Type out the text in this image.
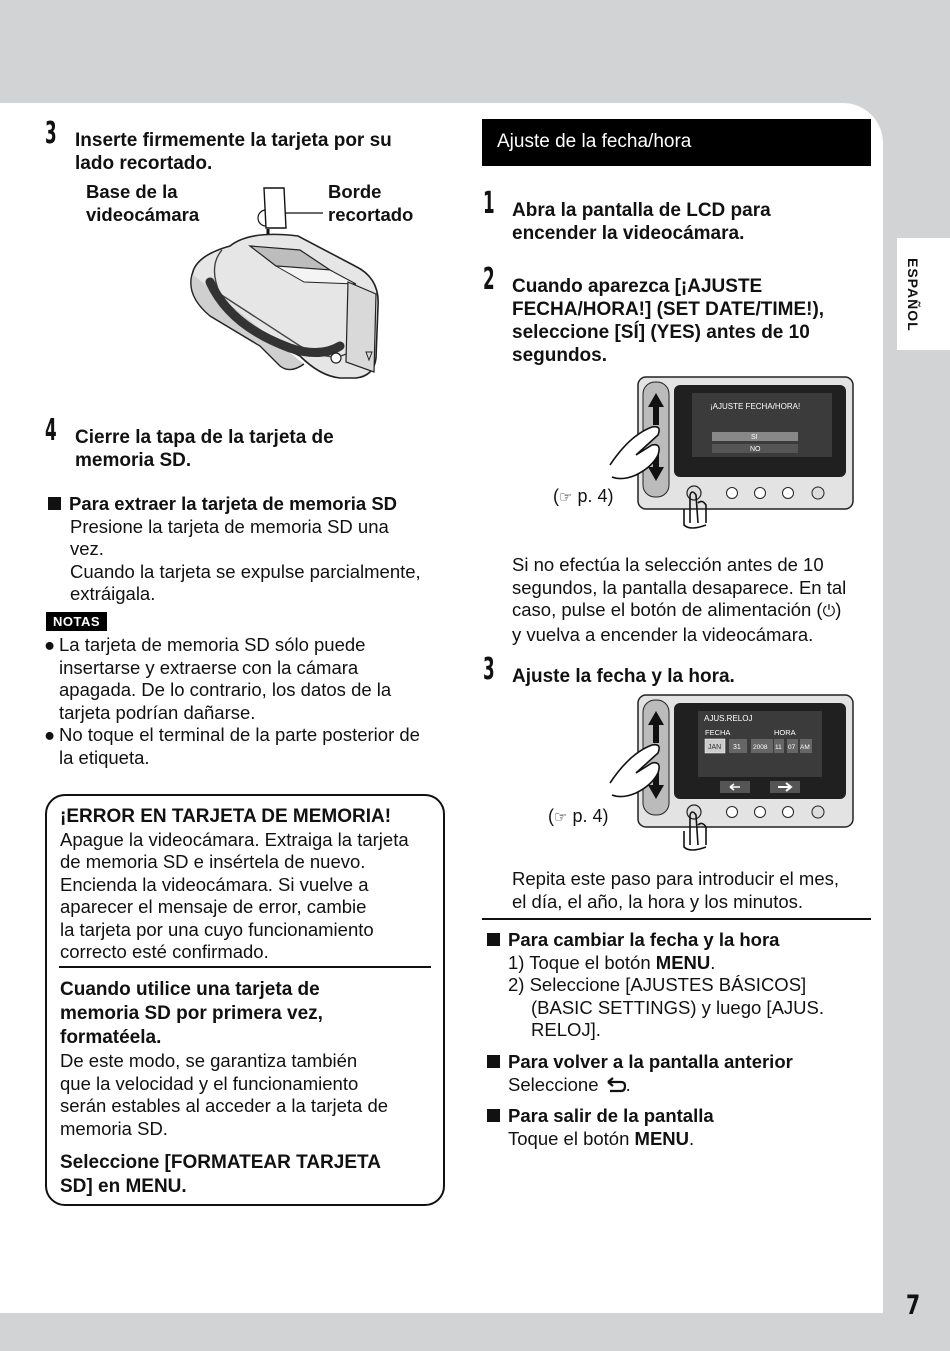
ESPAÑOL
7
3 Inserte firmemente la tarjeta por su
lado recortado.
Base de la
videocámara
Borde
recortado
4 Cierre la tapa de la tarjeta de
memoria SD.
Para extraer la tarjeta de memoria SD
Presione la tarjeta de memoria SD una
vez.
Cuando la tarjeta se expulse parcialmente,
extráigala.
NOTAS
● La tarjeta de memoria SD sólo puede
insertarse y extraerse con la cámara
apagada. De lo contrario, los datos de la
tarjeta podrían dañarse.
● No toque el terminal de la parte posterior de
la etiqueta.
¡ERROR EN TARJETA DE MEMORIA!
Apague la videocámara. Extraiga la tarjeta
de memoria SD e insértela de nuevo.
Encienda la videocámara. Si vuelve a
aparecer el mensaje de error, cambie
la tarjeta por una cuyo funcionamiento
correcto esté confirmado.
Cuando utilice una tarjeta de
memoria SD por primera vez,
formatéela.
De este modo, se garantiza también
que la velocidad y el funcionamiento
serán estables al acceder a la tarjeta de
memoria SD.
Seleccione [FORMATEAR TARJETA
SD] en MENU.
Ajuste de la fecha/hora
1 Abra la pantalla de LCD para
encender la videocámara.
2 Cuando aparezca [¡AJUSTE
FECHA/HORA!] (SET DATE/TIME!),
seleccione [SÍ] (YES) antes de 10
segundos.
¡AJUSTE FECHA/HORA!
SI
NO
(☞ p. 4)
Si no efectúa la selección antes de 10
segundos, la pantalla desaparece. En tal
caso, pulse el botón de alimentación (⏻)
y vuelva a encender la videocámara.
3 Ajuste la fecha y la hora.
AJUS.RELOJ
FECHA	HORA
JAN 31 2008 11 07 AM
(☞ p. 4)
Repita este paso para introducir el mes,
el día, el año, la hora y los minutos.
Para cambiar la fecha y la hora
1) Toque el botón MENU.
2) Seleccione [AJUSTES BÁSICOS]
(BASIC SETTINGS) y luego [AJUS.
RELOJ].
Para volver a la pantalla anterior
Seleccione .
Para salir de la pantalla
Toque el botón MENU.
